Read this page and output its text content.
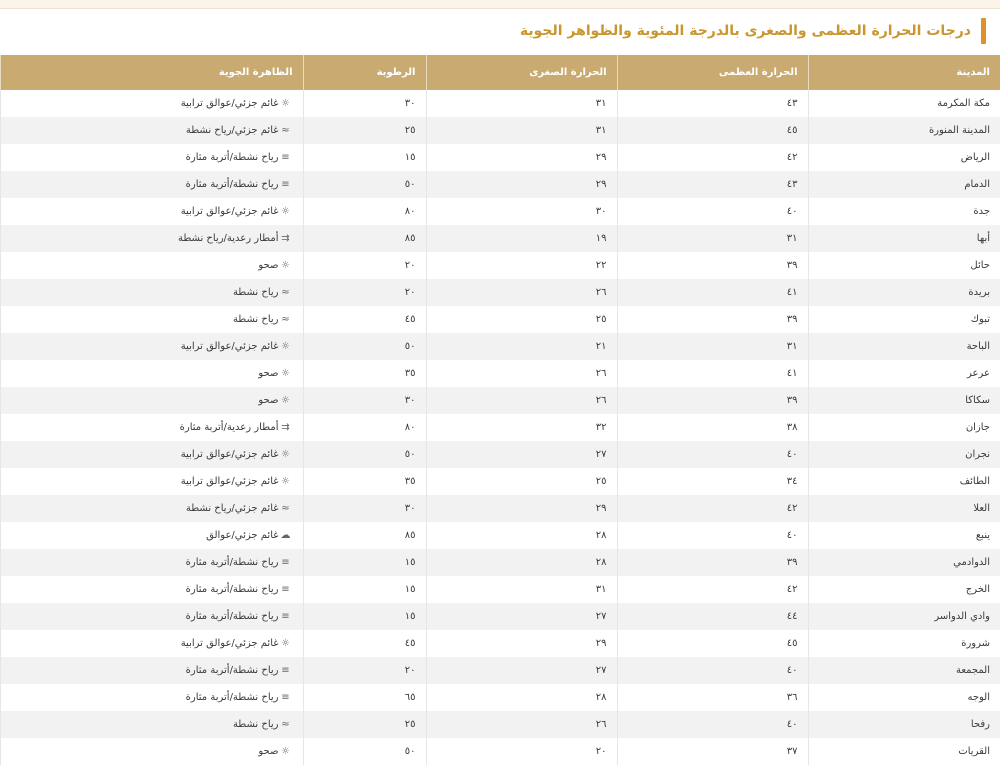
درجات الحرارة العظمى والصغرى بالدرجة المئوية والظواهر الجوية
المدينة	الحرارة العظمى	الحرارة الصغرى	الرطوبة	الظاهرة الجوية
مكة المكرمة	٤٣	٣١	٣٠	☼غائم جزئي/عوالق ترابية
المدينة المنورة	٤٥	٣١	٢٥	≈غائم جزئي/رياح نشطة
الرياض	٤٢	٢٩	١٥	≡رياح نشطة/أتربة مثارة
الدمام	٤٣	٢٩	٥٠	≡رياح نشطة/أتربة مثارة
جدة	٤٠	٣٠	٨٠	☼غائم جزئي/عوالق ترابية
أبها	٣١	١٩	٨٥	⇉أمطار رعدية/رياح نشطة
حائل	٣٩	٢٢	٢٠	☼صحو
بريدة	٤١	٢٦	٢٠	≈رياح نشطة
تبوك	٣٩	٢٥	٤٥	≈رياح نشطة
الباحة	٣١	٢١	٥٠	☼غائم جزئي/عوالق ترابية
عرعر	٤١	٢٦	٣٥	☼صحو
سكاكا	٣٩	٢٦	٣٠	☼صحو
جازان	٣٨	٣٢	٨٠	⇉أمطار رعدية/أتربة مثارة
نجران	٤٠	٢٧	٥٠	☼غائم جزئي/عوالق ترابية
الطائف	٣٤	٢٥	٣٥	☼غائم جزئي/عوالق ترابية
العلا	٤٢	٢٩	٣٠	≈غائم جزئي/رياح نشطة
ينبع	٤٠	٢٨	٨٥	☁غائم جزئي/عوالق
الدوادمي	٣٩	٢٨	١٥	≡رياح نشطة/أتربة مثارة
الخرج	٤٢	٣١	١٥	≡رياح نشطة/أتربة مثارة
وادي الدواسر	٤٤	٢٧	١٥	≡رياح نشطة/أتربة مثارة
شرورة	٤٥	٢٩	٤٥	☼غائم جزئي/عوالق ترابية
المجمعة	٤٠	٢٧	٢٠	≡رياح نشطة/أتربة مثارة
الوجه	٣٦	٢٨	٦٥	≡رياح نشطة/أتربة مثارة
رفحا	٤٠	٢٦	٢٥	≈رياح نشطة
القريات	٣٧	٢٠	٥٠	☼صحو
